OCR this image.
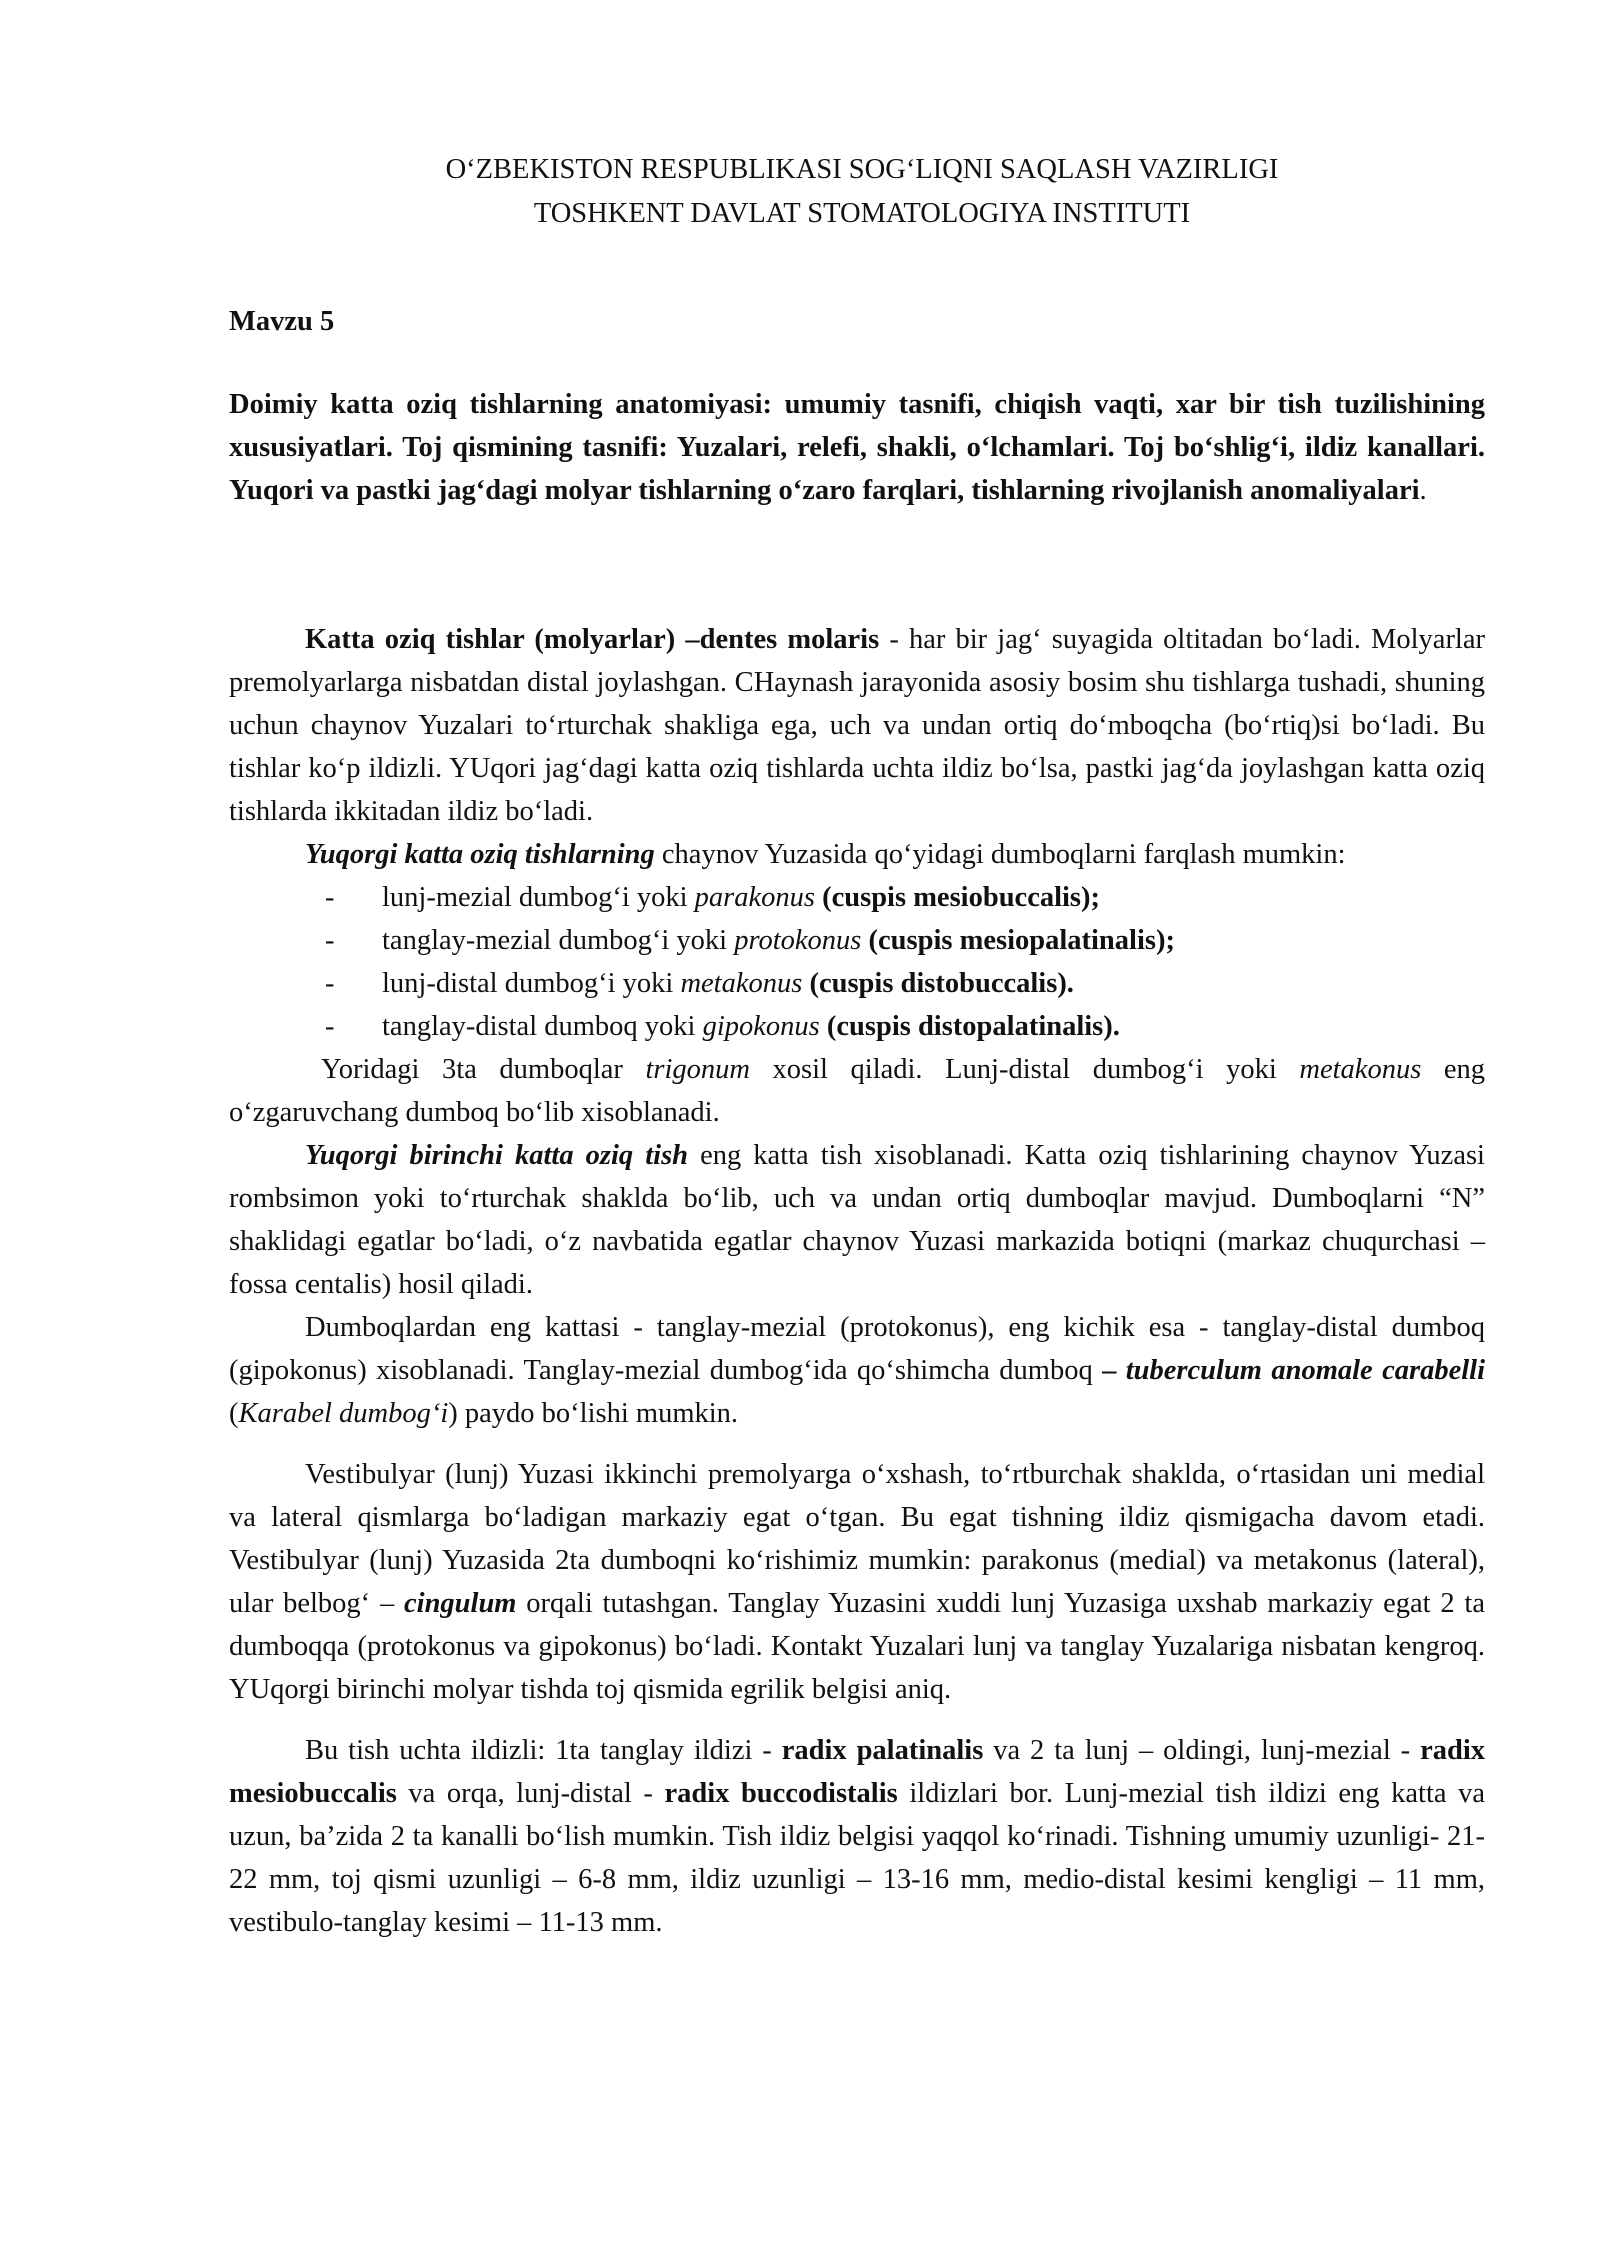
O‘ZBEKISTON RESPUBLIKASI SOG‘LIQNI SAQLASH VAZIRLIGI
TOSHKENT DAVLAT STOMATOLOGIYA INSTITUTI
Mavzu 5
Doimiy katta oziq tishlarning anatomiyasi: umumiy tasnifi, chiqish vaqti, xar bir tish tuzilishining xususiyatlari. Toj qismining tasnifi: Yuzalari, relefi, shakli, o‘lchamlari. Toj bo‘shlig‘i, ildiz kanallari. Yuqori va pastki jag‘dagi molyar tishlarning o‘zaro farqlari, tishlarning rivojlanish anomaliyalari.

Katta oziq tishlar (molyarlar) –dentes molaris - har bir jag‘ suyagida oltitadan bo‘ladi. Molyarlar premolyarlarga nisbatdan distal joylashgan. CHaynash jarayonida asosiy bosim shu tishlarga tushadi, shuning uchun chaynov Yuzalari to‘rturchak shakliga ega, uch va undan ortiq do‘mboqcha (bo‘rtiq)si bo‘ladi. Bu tishlar ko‘p ildizli. YUqori jag‘dagi katta oziq tishlarda uchta ildiz bo‘lsa, pastki jag‘da joylashgan katta oziq tishlarda ikkitadan ildiz bo‘ladi.

Yuqorgi katta oziq tishlarning chaynov Yuzasida qo‘yidagi dumboqlarni farqlash mumkin:

- lunj-mezial dumbog‘i yoki parakonus (cuspis mesiobuccalis);
- tanglay-mezial dumbog‘i yoki protokonus (cuspis mesiopalatinalis);
- lunj-distal dumbog‘i yoki metakonus (cuspis distobuccalis).
- tanglay-distal dumboq yoki gipokonus (cuspis distopalatinalis).

Yoridagi 3ta dumboqlar trigonum xosil qiladi. Lunj-distal dumbog‘i yoki metakonus eng o‘zgaruvchang dumboq bo‘lib xisoblanadi.

Yuqorgi birinchi katta oziq tish eng katta tish xisoblanadi. Katta oziq tishlarining chaynov Yuzasi rombsimon yoki to‘rturchak shaklda bo‘lib, uch va undan ortiq dumboqlar mavjud. Dumboqlarni “N” shaklidagi egatlar bo‘ladi, o‘z navbatida egatlar chaynov Yuzasi markazida botiqni (markaz chuqurchasi – fossa centalis) hosil qiladi.

Dumboqlardan eng kattasi - tanglay-mezial (protokonus), eng kichik esa - tanglay-distal dumboq (gipokonus) xisoblanadi. Tanglay-mezial dumbog‘ida qo‘shimcha dumboq – tuberculum anomale carabelli (Karabel dumbog‘i) paydo bo‘lishi mumkin.

Vestibulyar (lunj) Yuzasi ikkinchi premolyarga o‘xshash, to‘rtburchak shaklda, o‘rtasidan uni medial va lateral qismlarga bo‘ladigan markaziy egat o‘tgan. Bu egat tishning ildiz qismigacha davom etadi. Vestibulyar (lunj) Yuzasida 2ta dumboqni ko‘rishimiz mumkin: parakonus (medial) va metakonus (lateral), ular belbog‘ – cingulum orqali tutashgan. Tanglay Yuzasini xuddi lunj Yuzasiga uxshab markaziy egat 2 ta dumboqqa (protokonus va gipokonus) bo‘ladi. Kontakt Yuzalari lunj va tanglay Yuzalariga nisbatan kengroq. YUqorgi birinchi molyar tishda toj qismida egrilik belgisi aniq.

Bu tish uchta ildizli: 1ta tanglay ildizi - radix palatinalis va 2 ta lunj – oldingi, lunj-mezial - radix mesiobuccalis va orqa, lunj-distal - radix buccodistalis ildizlari bor. Lunj-mezial tish ildizi eng katta va uzun, ba’zida 2 ta kanalli bo‘lish mumkin. Tish ildiz belgisi yaqqol ko‘rinadi. Tishning umumiy uzunligi- 21-22 mm, toj qismi uzunligi – 6-8 mm, ildiz uzunligi – 13-16 mm, medio-distal kesimi kengligi – 11 mm, vestibulo-tanglay kesimi – 11-13 mm.
